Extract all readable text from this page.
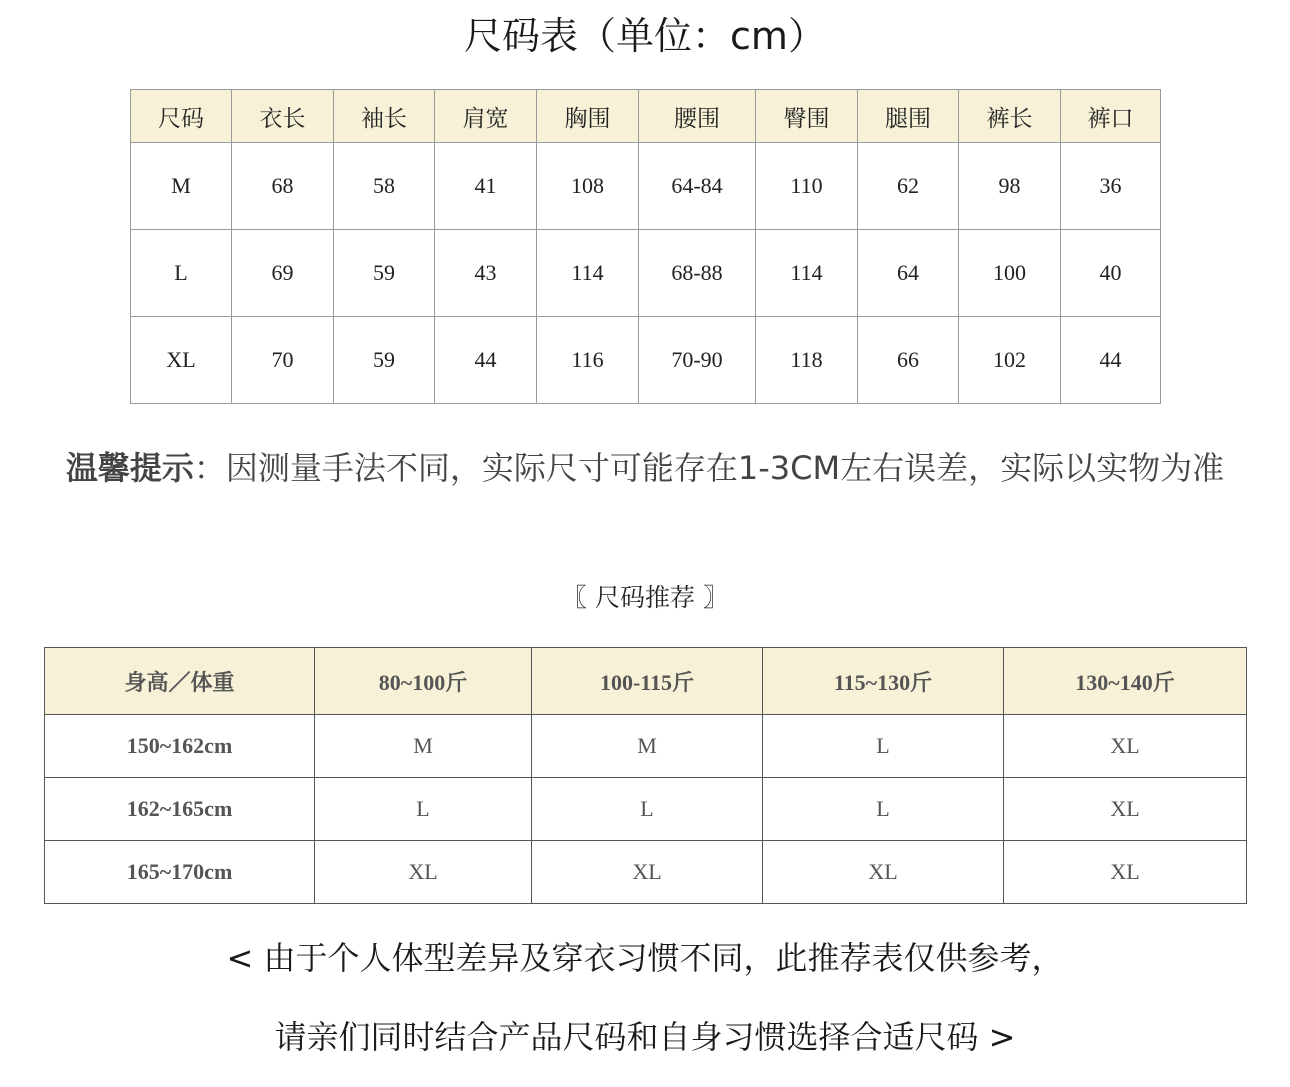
尺码表（单位：cm）
尺码	衣长	袖长	肩宽	胸围	腰围	臀围	腿围	裤长	裤口
M	68	58	41	108	64-84	110	62	98	36
L	69	59	43	114	68-88	114	64	100	40
XL	70	59	44	116	70-90	118	66	102	44
温馨提示：因测量手法不同，实际尺寸可能存在1-3CM左右误差，实际以实物为准
〖 尺码推荐 〗
身高／体重	80~100斤	100-115斤	115~130斤	130~140斤
150~162cm	M	M	L	XL
162~165cm	L	L	L	XL
165~170cm	XL	XL	XL	XL
< 由于个人体型差异及穿衣习惯不同，此推荐表仅供参考，
请亲们同时结合产品尺码和自身习惯选择合适尺码 >
